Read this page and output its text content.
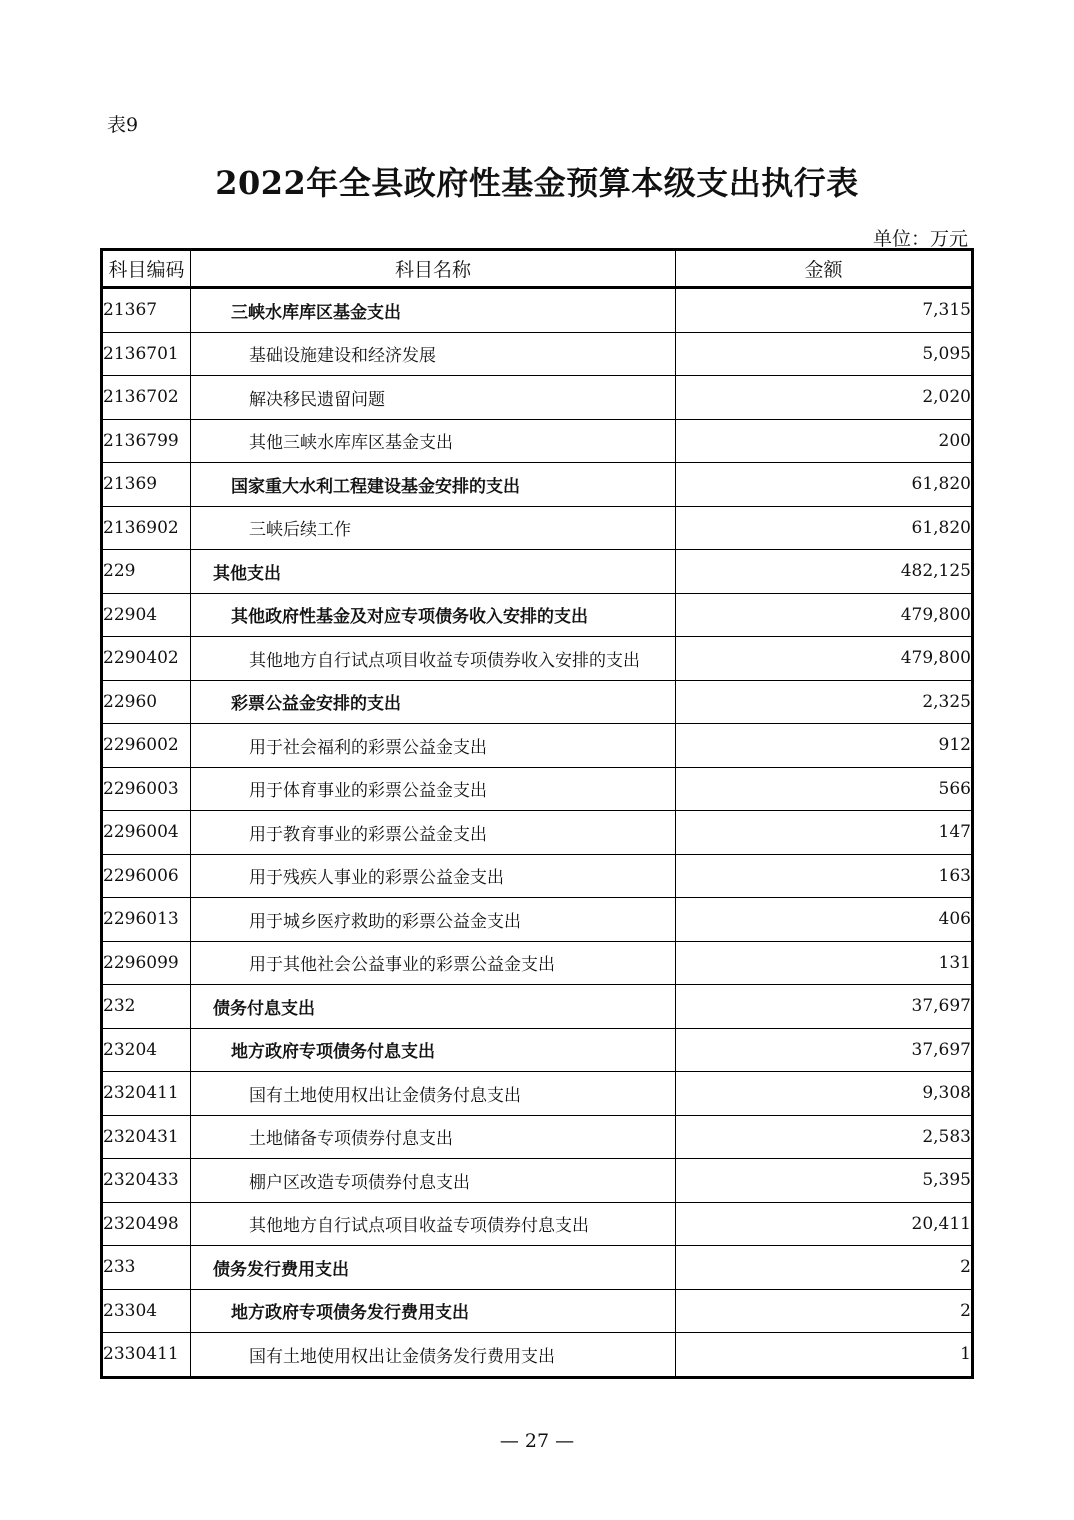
表9
2022年全县政府性基金预算本级支出执行表
单位：万元
科目编码	科目名称	金额
21367	三峡水库库区基金支出	7,315
2136701	基础设施建设和经济发展	5,095
2136702	解决移民遗留问题	2,020
2136799	其他三峡水库库区基金支出	200
21369	国家重大水利工程建设基金安排的支出	61,820
2136902	三峡后续工作	61,820
229	其他支出	482,125
22904	其他政府性基金及对应专项债务收入安排的支出	479,800
2290402	其他地方自行试点项目收益专项债券收入安排的支出	479,800
22960	彩票公益金安排的支出	2,325
2296002	用于社会福利的彩票公益金支出	912
2296003	用于体育事业的彩票公益金支出	566
2296004	用于教育事业的彩票公益金支出	147
2296006	用于残疾人事业的彩票公益金支出	163
2296013	用于城乡医疗救助的彩票公益金支出	406
2296099	用于其他社会公益事业的彩票公益金支出	131
232	债务付息支出	37,697
23204	地方政府专项债务付息支出	37,697
2320411	国有土地使用权出让金债务付息支出	9,308
2320431	土地储备专项债券付息支出	2,583
2320433	棚户区改造专项债券付息支出	5,395
2320498	其他地方自行试点项目收益专项债券付息支出	20,411
233	债务发行费用支出	2
23304	地方政府专项债务发行费用支出	2
2330411	国有土地使用权出让金债务发行费用支出	1
— 27 —
